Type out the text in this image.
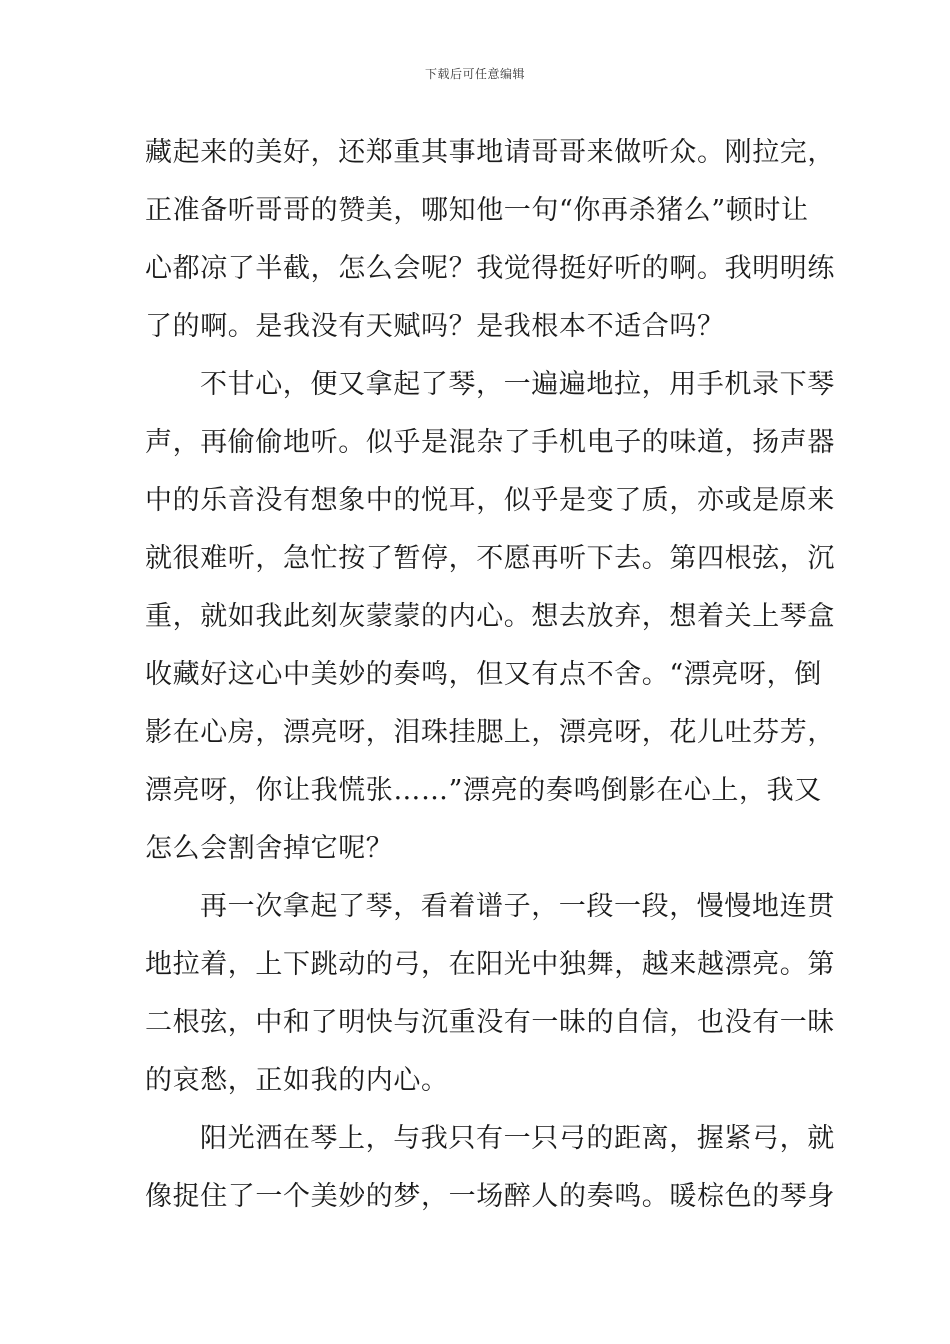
下载后可任意编辑
藏起来的美好，还郑重其事地请哥哥来做听众。刚拉完，
正准备听哥哥的赞美，哪知他一句“你再杀猪么”顿时让
心都凉了半截，怎么会呢？我觉得挺好听的啊。我明明练
了的啊。是我没有天赋吗？是我根本不适合吗？
不甘心，便又拿起了琴，一遍遍地拉，用手机录下琴
声，再偷偷地听。似乎是混杂了手机电子的味道，扬声器
中的乐音没有想象中的悦耳，似乎是变了质，亦或是原来
就很难听，急忙按了暂停，不愿再听下去。第四根弦，沉
重，就如我此刻灰蒙蒙的内心。想去放弃，想着关上琴盒
收藏好这心中美妙的奏鸣，但又有点不舍。“漂亮呀，倒
影在心房，漂亮呀，泪珠挂腮上，漂亮呀，花儿吐芬芳，
漂亮呀，你让我慌张……”漂亮的奏鸣倒影在心上，我又
怎么会割舍掉它呢？
再一次拿起了琴，看着谱子，一段一段，慢慢地连贯
地拉着，上下跳动的弓，在阳光中独舞，越来越漂亮。第
二根弦，中和了明快与沉重没有一昧的自信，也没有一昧
的哀愁，正如我的内心。
阳光洒在琴上，与我只有一只弓的距离，握紧弓，就
像捉住了一个美妙的梦，一场醉人的奏鸣。暖棕色的琴身
